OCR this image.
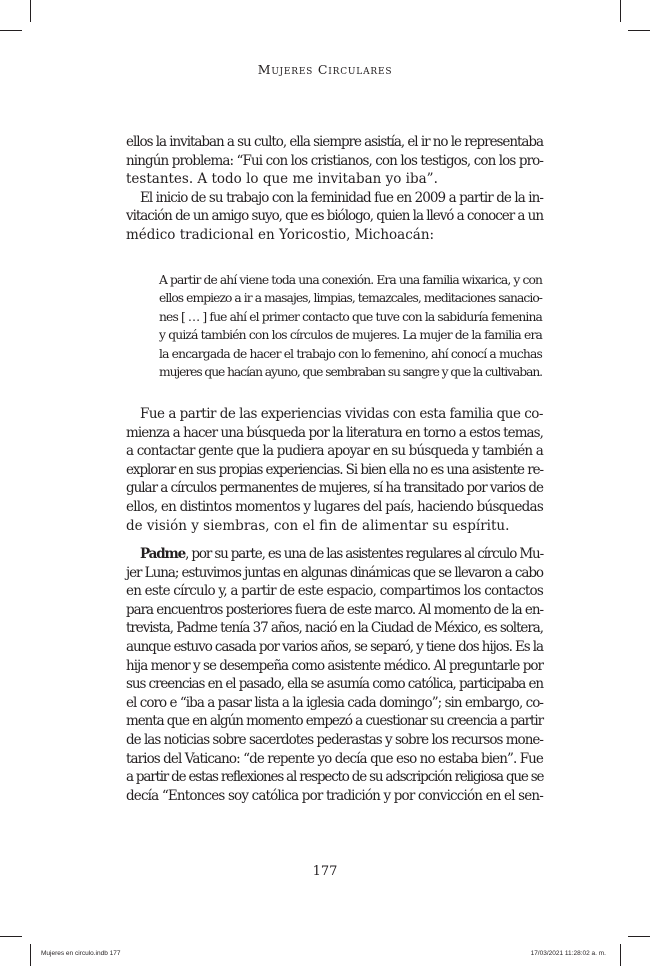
Mujeres Circulares
ellos la invitaban a su culto, ella siempre asistía, el ir no le representaba
ningún problema: “Fui con los cristianos, con los testigos, con los pro-
testantes. A todo lo que me invitaban yo iba”.
El inicio de su trabajo con la feminidad fue en 2009 a partir de la in-
vitación de un amigo suyo, que es biólogo, quien la llevó a conocer a un
médico tradicional en Yoricostio, Michoacán:
A partir de ahí viene toda una conexión. Era una familia wixarica, y con
ellos empiezo a ir a masajes, limpias, temazcales, meditaciones sanacio-
nes [ … ] fue ahí el primer contacto que tuve con la sabiduría femenina
y quizá también con los círculos de mujeres. La mujer de la familia era
la encargada de hacer el trabajo con lo femenino, ahí conocí a muchas
mujeres que hacían ayuno, que sembraban su sangre y que la cultivaban.
Fue a partir de las experiencias vividas con esta familia que co-
mienza a hacer una búsqueda por la literatura en torno a estos temas,
a contactar gente que la pudiera apoyar en su búsqueda y también a
explorar en sus propias experiencias. Si bien ella no es una asistente re-
gular a círculos permanentes de mujeres, sí ha transitado por varios de
ellos, en distintos momentos y lugares del país, haciendo búsquedas
de visión y siembras, con el fin de alimentar su espíritu.
Padme, por su parte, es una de las asistentes regulares al círculo Mu-
jer Luna; estuvimos juntas en algunas dinámicas que se llevaron a cabo
en este círculo y, a partir de este espacio, compartimos los contactos
para encuentros posteriores fuera de este marco. Al momento de la en-
trevista, Padme tenía 37 años, nació en la Ciudad de México, es soltera,
aunque estuvo casada por varios años, se separó, y tiene dos hijos. Es la
hija menor y se desempeña como asistente médico. Al preguntarle por
sus creencias en el pasado, ella se asumía como católica, participaba en
el coro e “iba a pasar lista a la iglesia cada domingo”; sin embargo, co-
menta que en algún momento empezó a cuestionar su creencia a partir
de las noticias sobre sacerdotes pederastas y sobre los recursos mone-
tarios del Vaticano: “de repente yo decía que eso no estaba bien”. Fue
a partir de estas reflexiones al respecto de su adscripción religiosa que se
decía “Entonces soy católica por tradición y por convicción en el sen-
177
Mujeres en circulo.indb 177	17/03/2021 11:28:02 a. m.
